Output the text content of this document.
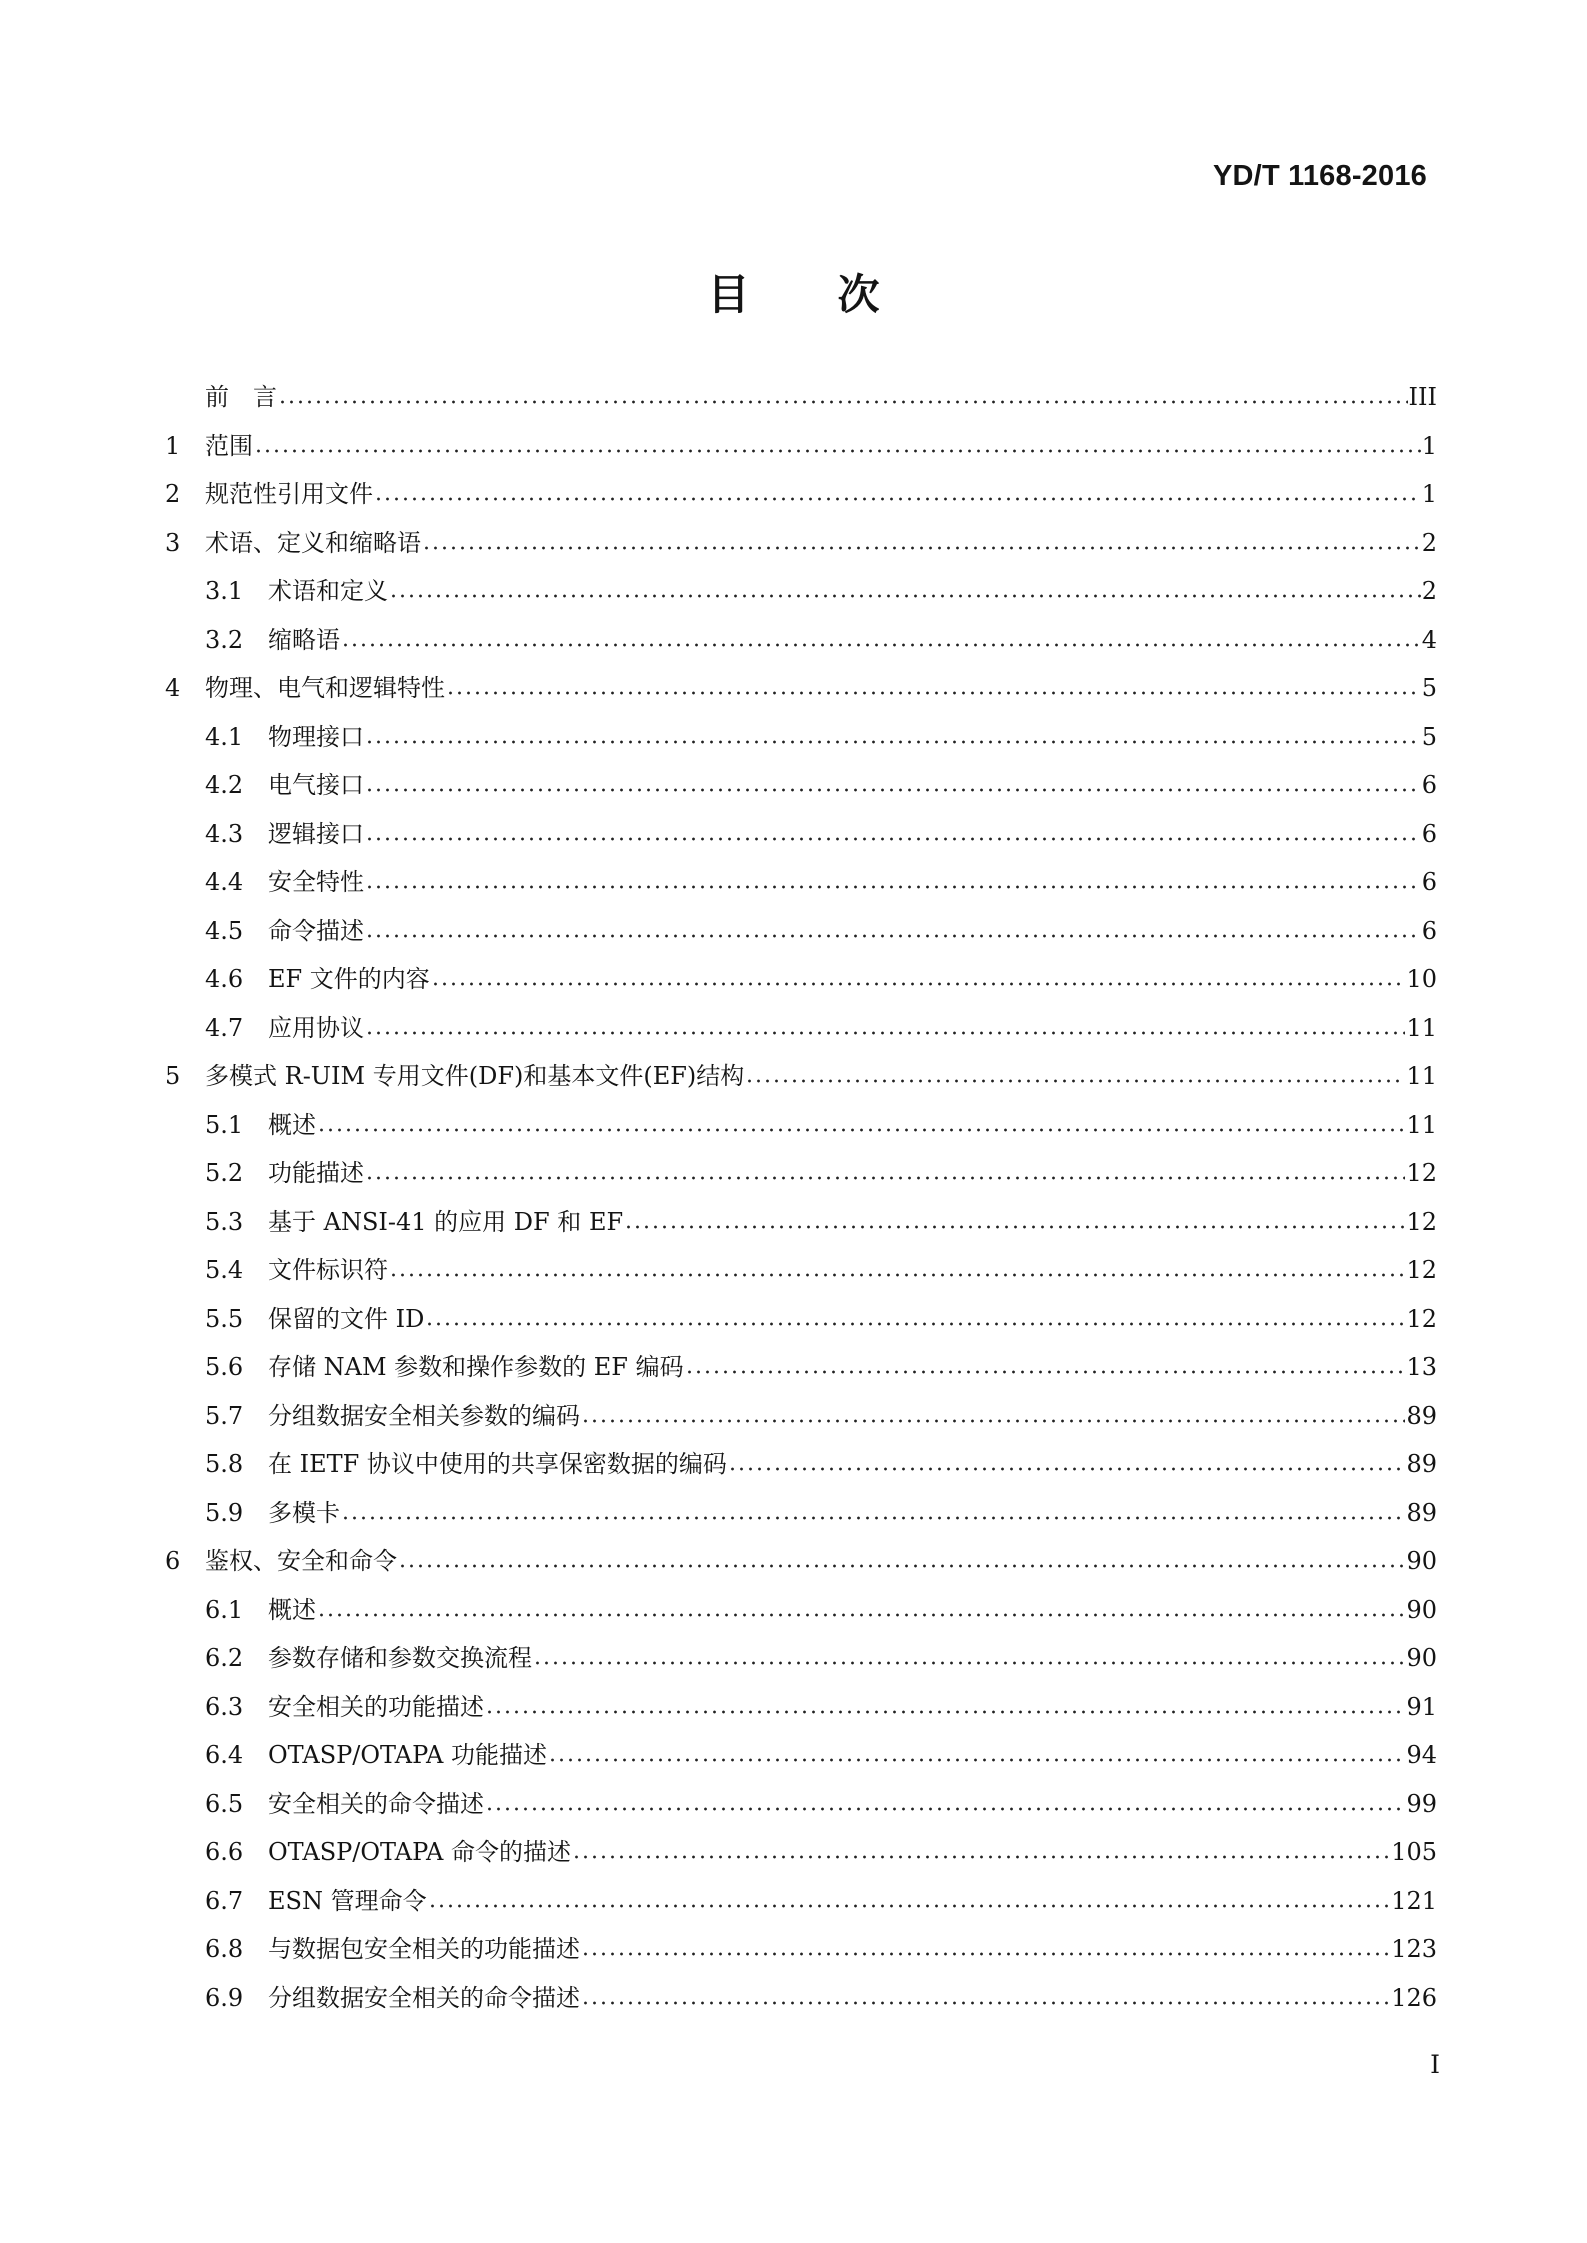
YD/T 1168-2016
目 次
前　言	III
1	范围	1
2	规范性引用文件	1
3	术语、定义和缩略语	2
3.1	术语和定义	2
3.2	缩略语	4
4	物理、电气和逻辑特性	5
4.1	物理接口	5
4.2	电气接口	6
4.3	逻辑接口	6
4.4	安全特性	6
4.5	命令描述	6
4.6	EF 文件的内容	10
4.7	应用协议	11
5	多模式 R-UIM 专用文件(DF)和基本文件(EF)结构	11
5.1	概述	11
5.2	功能描述	12
5.3	基于 ANSI-41 的应用 DF 和 EF	12
5.4	文件标识符	12
5.5	保留的文件 ID	12
5.6	存储 NAM 参数和操作参数的 EF 编码	13
5.7	分组数据安全相关参数的编码	89
5.8	在 IETF 协议中使用的共享保密数据的编码	89
5.9	多模卡	89
6	鉴权、安全和命令	90
6.1	概述	90
6.2	参数存储和参数交换流程	90
6.3	安全相关的功能描述	91
6.4	OTASP/OTAPA 功能描述	94
6.5	安全相关的命令描述	99
6.6	OTASP/OTAPA 命令的描述	105
6.7	ESN 管理命令	121
6.8	与数据包安全相关的功能描述	123
6.9	分组数据安全相关的命令描述	126
I
